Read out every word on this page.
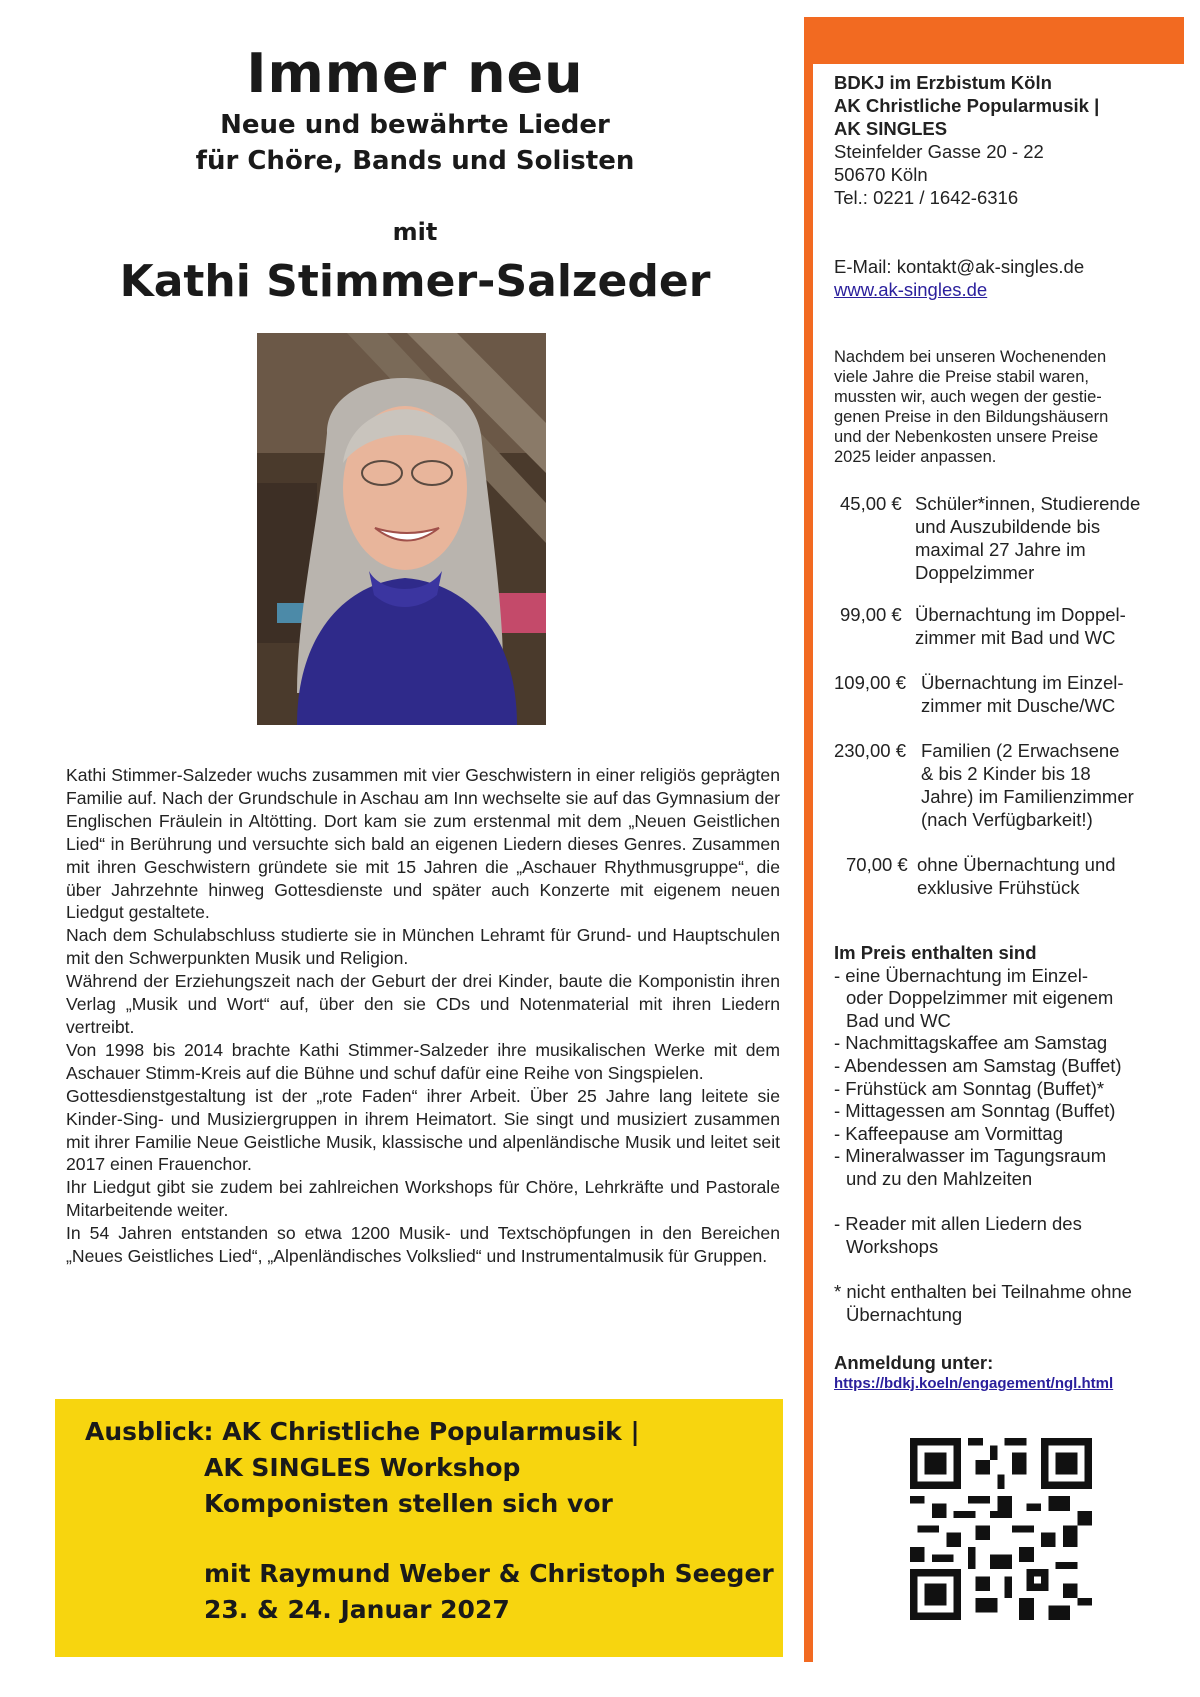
Immer neu
Neue und bewährte Lieder
für Chöre, Bands und Solisten
mit
Kathi Stimmer-Salzeder

Kathi Stimmer-Salzeder wuchs zusammen mit vier Geschwistern in einer religiös geprägten Familie auf. Nach der Grundschule in Aschau am Inn wechselte sie auf das Gymnasium der Englischen Fräulein in Altötting. Dort kam sie zum erstenmal mit dem „Neuen Geistlichen Lied“ in Berührung und versuchte sich bald an eigenen Liedern dieses Genres. Zusammen mit ihren Geschwistern gründete sie mit 15 Jahren die „Aschauer Rhythmusgruppe“, die über Jahrzehnte hinweg Gottesdienste und später auch Konzerte mit eigenem neuen Liedgut gestaltete.

Nach dem Schulabschluss studierte sie in München Lehramt für Grund- und Hauptschulen mit den Schwerpunkten Musik und Religion.

Während der Erziehungszeit nach der Geburt der drei Kinder, baute die Komponistin ihren Verlag „Musik und Wort“ auf, über den sie CDs und Notenmaterial mit ihren Liedern vertreibt.

Von 1998 bis 2014 brachte Kathi Stimmer-Salzeder ihre musikalischen Werke mit dem Aschauer Stimm-Kreis auf die Bühne und schuf dafür eine Reihe von Singspielen.

Gottesdienstgestaltung ist der „rote Faden“ ihrer Arbeit. Über 25 Jahre lang leitete sie Kinder-Sing- und Musiziergruppen in ihrem Heimatort. Sie singt und musiziert zusammen mit ihrer Familie Neue Geistliche Musik, klassische und alpenländische Musik und leitet seit 2017 einen Frauenchor.

Ihr Liedgut gibt sie zudem bei zahlreichen Workshops für Chöre, Lehrkräfte und Pastorale Mitarbeitende weiter.

In 54 Jahren entstanden so etwa 1200 Musik- und Textschöpfungen in den Bereichen „Neues Geistliches Lied“, „Alpenländisches Volkslied“ und Instrumentalmusik für Gruppen.

Ausblick: AK Christliche Popularmusik |
AK SINGLES Workshop
Komponisten stellen sich vor
mit Raymund Weber & Christoph Seeger
23. & 24. Januar 2027
BDKJ im Erzbistum Köln
AK Christliche Popularmusik |
AK SINGLES
Steinfelder Gasse 20 - 22
50670 Köln
Tel.: 0221 / 1642-6316
E-Mail: kontakt@ak-singles.de
www.ak-singles.de
Nachdem bei unseren Wochenenden
viele Jahre die Preise stabil waren,
mussten wir, auch wegen der gestie-
genen Preise in den Bildungshäusern
und der Nebenkosten unsere Preise
2025 leider anpassen.
45,00 € Schüler*innen, Studierende
und Auszubildende bis
maximal 27 Jahre im
Doppelzimmer
99,00 € Übernachtung im Doppel-
zimmer mit Bad und WC
109,00 € Übernachtung im Einzel-
zimmer mit Dusche/WC
230,00 € Familien (2 Erwachsene
& bis 2 Kinder bis 18
Jahre) im Familienzimmer
(nach Verfügbarkeit!)
70,00 € ohne Übernachtung und
exklusive Frühstück
Im Preis enthalten sind
- eine Übernachtung im Einzel-
oder Doppelzimmer mit eigenem
Bad und WC
- Nachmittagskaffee am Samstag
- Abendessen am Samstag (Buffet)
- Frühstück am Sonntag (Buffet)*
- Mittagessen am Sonntag (Buffet)
- Kaffeepause am Vormittag
- Mineralwasser im Tagungsraum
und zu den Mahlzeiten
- Reader mit allen Liedern des
Workshops
* nicht enthalten bei Teilnahme ohne
Übernachtung
Anmeldung unter:
https://bdkj.koeln/engagement/ngl.html
